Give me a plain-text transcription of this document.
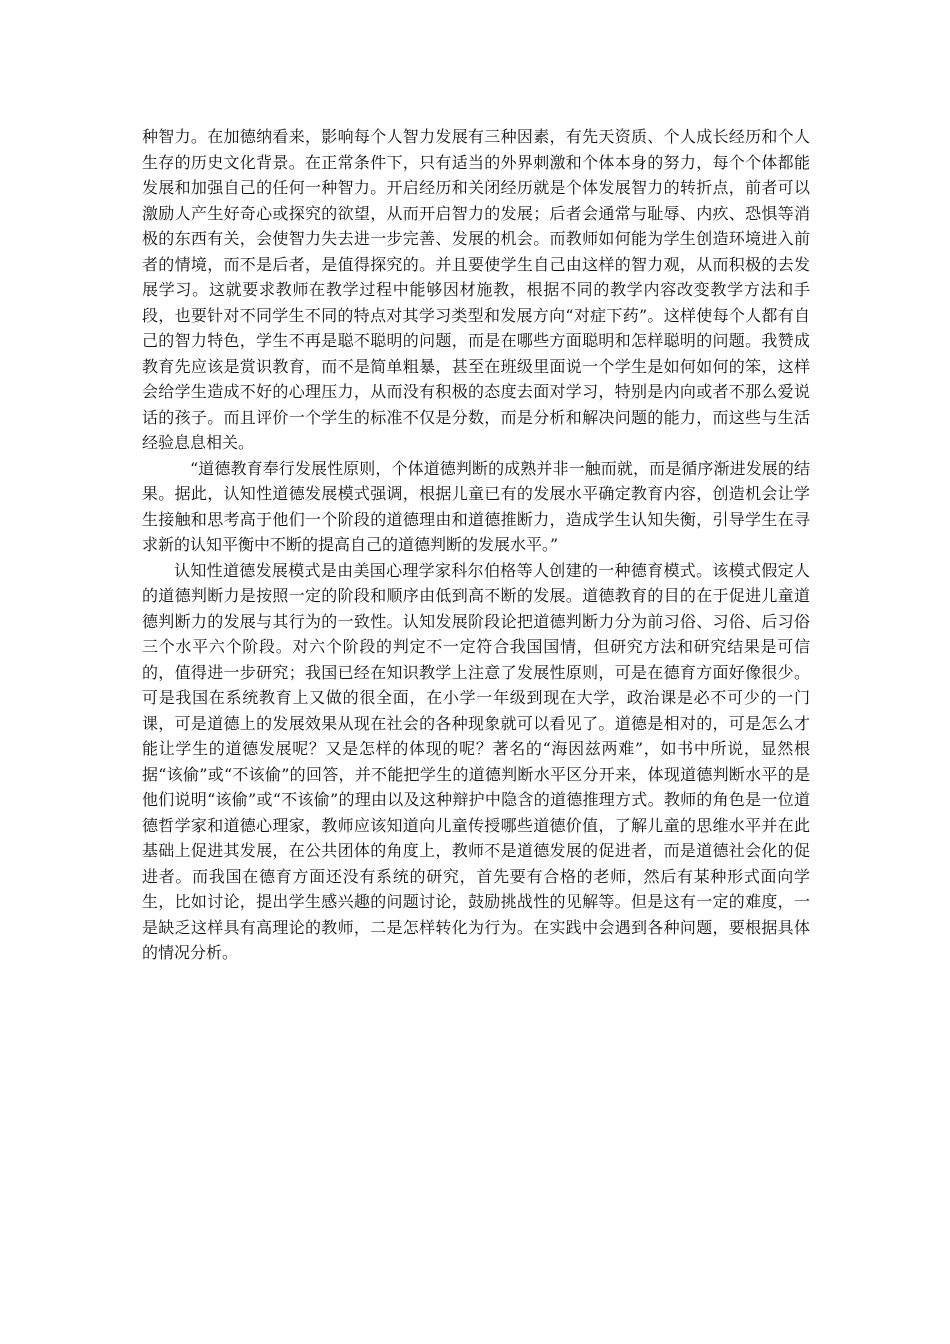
种智力。在加德纳看来，影响每个人智力发展有三种因素，有先天资质、个人成长经历和个人生存的历史文化背景。在正常条件下，只有适当的外界刺激和个体本身的努力，每个个体都能发展和加强自己的任何一种智力。开启经历和关闭经历就是个体发展智力的转折点，前者可以激励人产生好奇心或探究的欲望，从而开启智力的发展；后者会通常与耻辱、内疚、恐惧等消极的东西有关，会使智力失去进一步完善、发展的机会。而教师如何能为学生创造环境进入前者的情境，而不是后者，是值得探究的。并且要使学生自己由这样的智力观，从而积极的去发展学习。这就要求教师在教学过程中能够因材施教，根据不同的教学内容改变教学方法和手段，也要针对不同学生不同的特点对其学习类型和发展方向“对症下药”。这样使每个人都有自己的智力特色，学生不再是聪不聪明的问题，而是在哪些方面聪明和怎样聪明的问题。我赞成教育先应该是赏识教育，而不是简单粗暴，甚至在班级里面说一个学生是如何如何的笨，这样会给学生造成不好的心理压力，从而没有积极的态度去面对学习，特别是内向或者不那么爱说话的孩子。而且评价一个学生的标准不仅是分数，而是分析和解决问题的能力，而这些与生活经验息息相关。

“道德教育奉行发展性原则，个体道德判断的成熟并非一触而就，而是循序渐进发展的结果。据此，认知性道德发展模式强调，根据儿童已有的发展水平确定教育内容，创造机会让学生接触和思考高于他们一个阶段的道德理由和道德推断力，造成学生认知失衡，引导学生在寻求新的认知平衡中不断的提高自己的道德判断的发展水平。”

认知性道德发展模式是由美国心理学家科尔伯格等人创建的一种德育模式。该模式假定人的道德判断力是按照一定的阶段和顺序由低到高不断的发展。道德教育的目的在于促进儿童道德判断力的发展与其行为的一致性。认知发展阶段论把道德判断力分为前习俗、习俗、后习俗三个水平六个阶段。对六个阶段的判定不一定符合我国国情，但研究方法和研究结果是可信的，值得进一步研究；我国已经在知识教学上注意了发展性原则，可是在德育方面好像很少。可是我国在系统教育上又做的很全面，在小学一年级到现在大学，政治课是必不可少的一门课，可是道德上的发展效果从现在社会的各种现象就可以看见了。道德是相对的，可是怎么才能让学生的道德发展呢？又是怎样的体现的呢？著名的“海因兹两难”，如书中所说，显然根据“该偷”或“不该偷”的回答，并不能把学生的道德判断水平区分开来，体现道德判断水平的是他们说明“该偷”或“不该偷”的理由以及这种辩护中隐含的道德推理方式。教师的角色是一位道德哲学家和道德心理家，教师应该知道向儿童传授哪些道德价值，了解儿童的思维水平并在此基础上促进其发展，在公共团体的角度上，教师不是道德发展的促进者，而是道德社会化的促进者。而我国在德育方面还没有系统的研究，首先要有合格的老师，然后有某种形式面向学生，比如讨论，提出学生感兴趣的问题讨论，鼓励挑战性的见解等。但是这有一定的难度，一是缺乏这样具有高理论的教师，二是怎样转化为行为。在实践中会遇到各种问题，要根据具体的情况分析。
